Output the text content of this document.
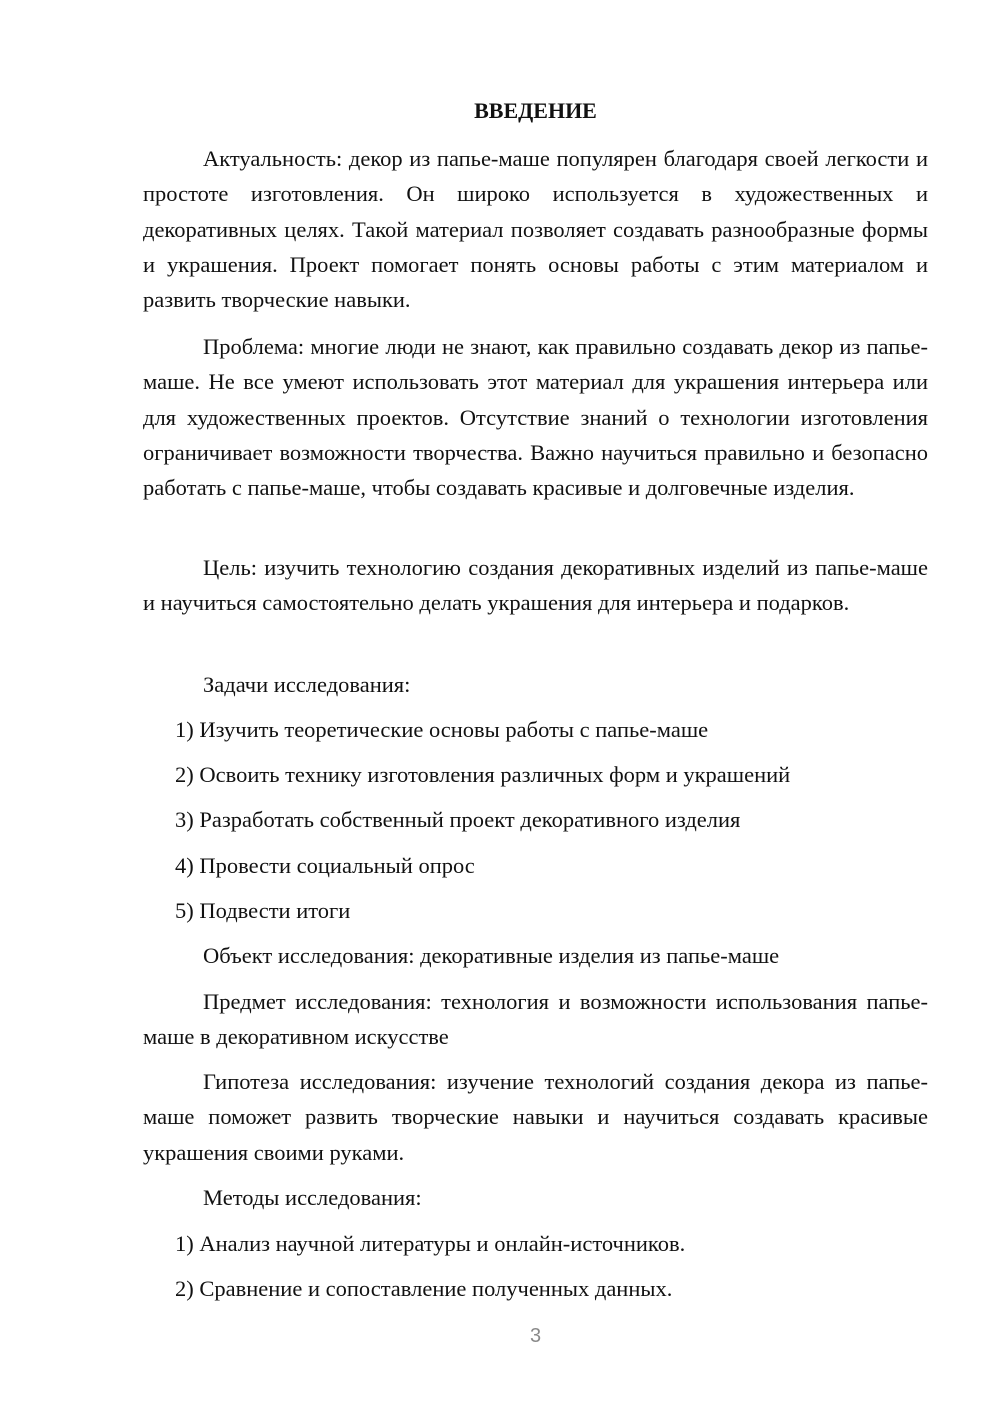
ВВЕДЕНИЕ

Актуальность: декор из папье-маше популярен благодаря своей легкости и простоте изготовления. Он широко используется в художественных и декоративных целях. Такой материал позволяет создавать разнообразные формы и украшения. Проект помогает понять основы работы с этим материалом и развить творческие навыки.

Проблема: многие люди не знают, как правильно создавать декор из папье-маше. Не все умеют использовать этот материал для украшения интерьера или для художественных проектов. Отсутствие знаний о технологии изготовления ограничивает возможности творчества. Важно научиться правильно и безопасно работать с папье-маше, чтобы создавать красивые и долговечные изделия.

Цель: изучить технологию создания декоративных изделий из папье-маше и научиться самостоятельно делать украшения для интерьера и подарков.

Задачи исследования:
1) Изучить теоретические основы работы с папье-маше
2) Освоить технику изготовления различных форм и украшений
3) Разработать собственный проект декоративного изделия
4) Провести социальный опрос
5) Подвести итоги
Объект исследования: декоративные изделия из папье-маше

Предмет исследования: технология и возможности использования папье-маше в декоративном искусстве

Гипотеза исследования: изучение технологий создания декора из папье-маше поможет развить творческие навыки и научиться создавать красивые украшения своими руками.

Методы исследования:
1) Анализ научной литературы и онлайн-источников.
2) Сравнение и сопоставление полученных данных.
3
